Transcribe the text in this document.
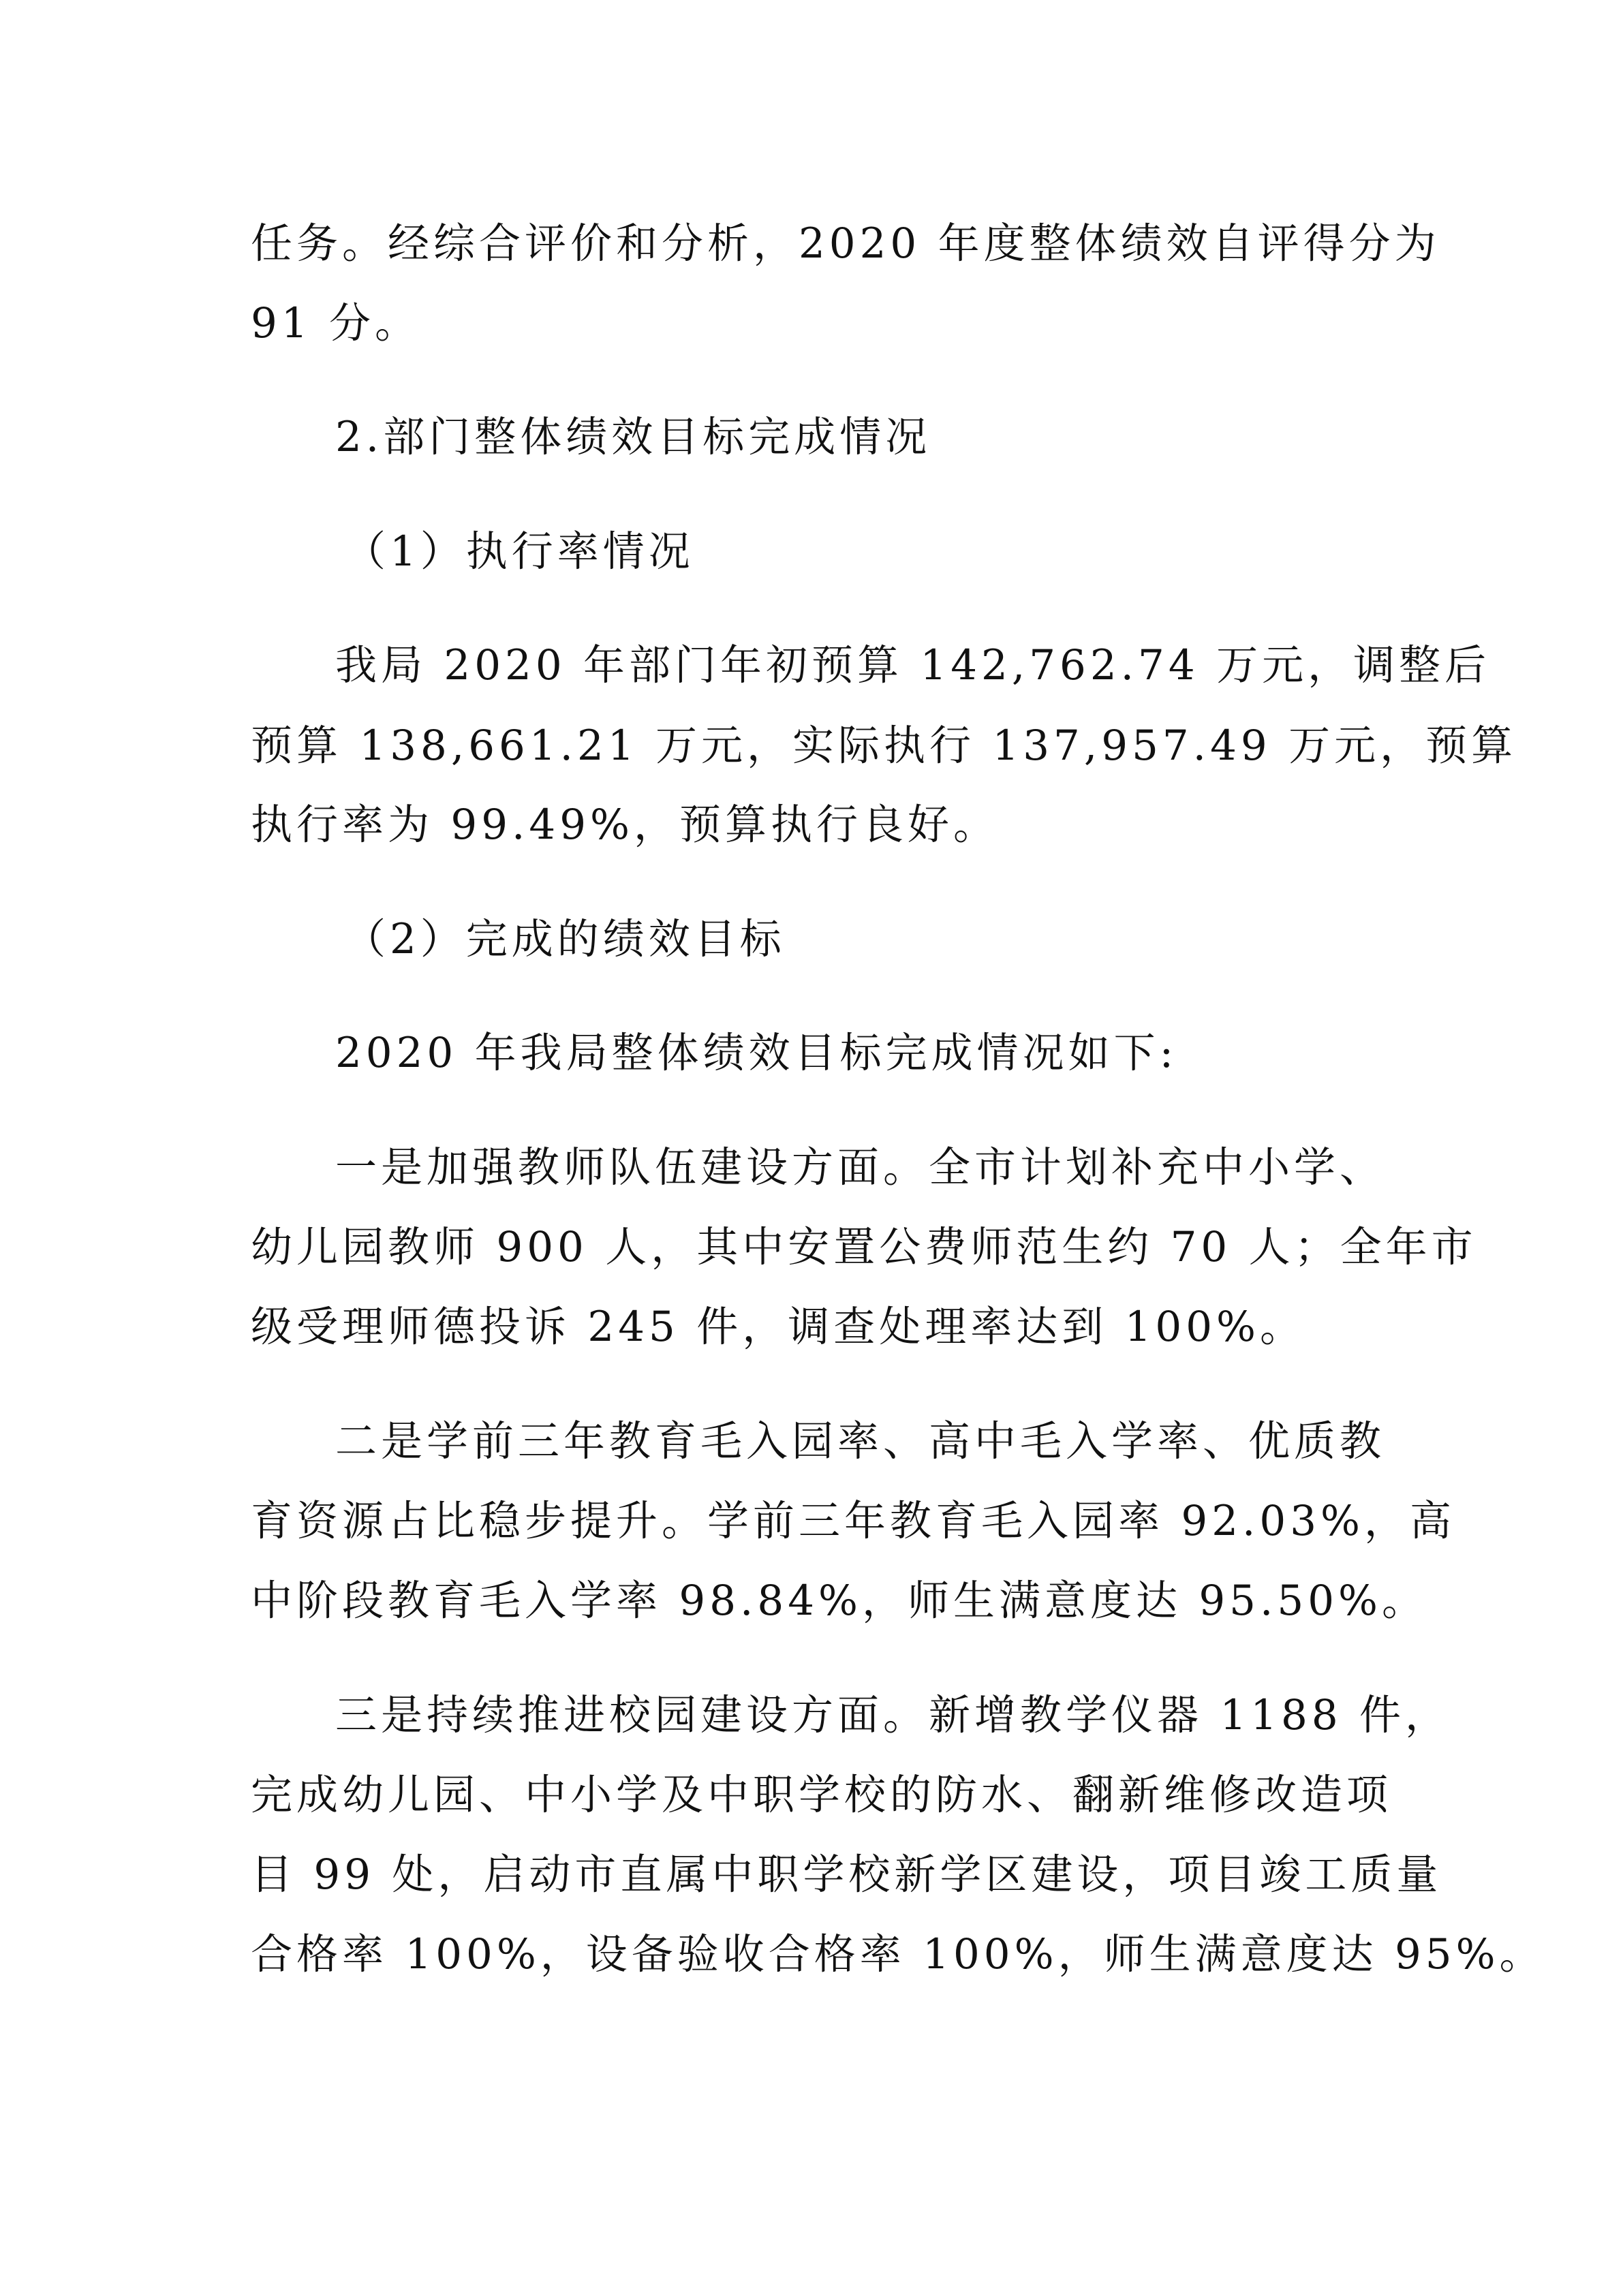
任务。经综合评价和分析，2020 年度整体绩效自评得分为
91 分。
2.部门整体绩效目标完成情况
（1）执行率情况
我局 2020 年部门年初预算 142,762.74 万元，调整后
预算 138,661.21 万元，实际执行 137,957.49 万元，预算
执行率为 99.49%，预算执行良好。
（2）完成的绩效目标
2020 年我局整体绩效目标完成情况如下:
一是加强教师队伍建设方面。全市计划补充中小学、
幼儿园教师 900 人，其中安置公费师范生约 70 人；全年市
级受理师德投诉 245 件，调查处理率达到 100%。
二是学前三年教育毛入园率、高中毛入学率、优质教
育资源占比稳步提升。学前三年教育毛入园率 92.03%，高
中阶段教育毛入学率 98.84%，师生满意度达 95.50%。
三是持续推进校园建设方面。新增教学仪器 1188 件，
完成幼儿园、中小学及中职学校的防水、翻新维修改造项
目 99 处，启动市直属中职学校新学区建设，项目竣工质量
合格率 100%，设备验收合格率 100%，师生满意度达 95%。
